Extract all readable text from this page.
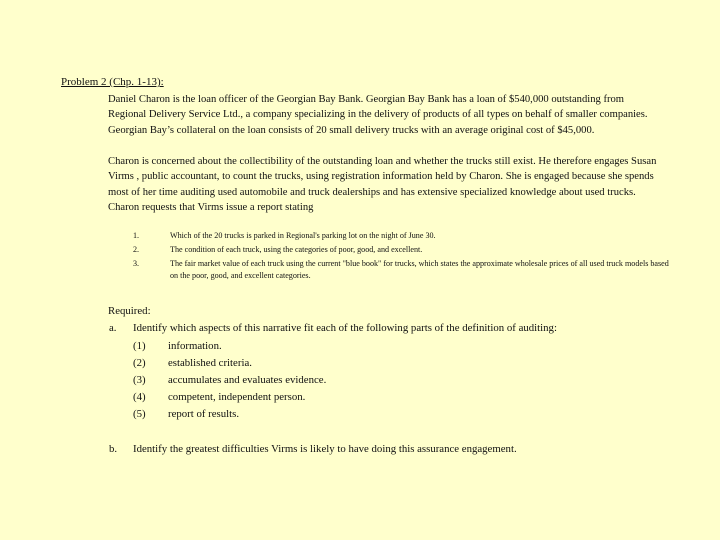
Problem 2 (Chp. 1-13):

Daniel Charon is the loan officer of the Georgian Bay Bank. Georgian Bay Bank has a loan of $540,000 outstanding from Regional Delivery Service Ltd., a company specializing in the delivery of products of all types on behalf of smaller companies. Georgian Bay’s collateral on the loan consists of 20 small delivery trucks with an average original cost of $45,000.

Charon is concerned about the collectibility of the outstanding loan and whether the trucks still exist. He therefore engages Susan Virms , public accountant, to count the trucks, using registration information held by Charon. She is engaged because she spends most of her time auditing used automobile and truck dealerships and has extensive specialized knowledge about used trucks. Charon requests that Virms issue a report stating

1.	Which of the 20 trucks is parked in Regional's parking lot on the night of June 30.
2.	The condition of each truck, using the categories of poor, good, and excellent.
3.	The fair market value of each truck using the current "blue book" for trucks, which states the approximate wholesale prices of all used truck models based on the poor, good, and excellent categories.
Required:
a. Identify which aspects of this narrative fit each of the following parts of the definition of auditing:
(1) information.
(2) established criteria.
(3) accumulates and evaluates evidence.
(4) competent, independent person.
(5) report of results.
b. Identify the greatest difficulties Virms is likely to have doing this assurance engagement.
